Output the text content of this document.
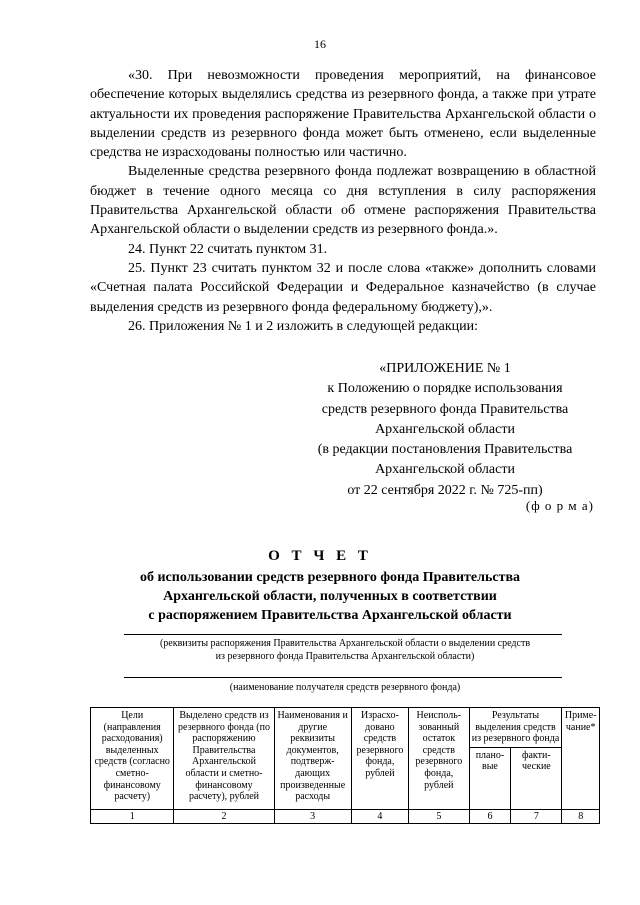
16

«30. При невозможности проведения мероприятий, на финансовое обеспечение которых выделялись средства из резервного фонда, а также при утрате актуальности их проведения распоряжение Правительства Архангельской области о выделении средств из резервного фонда может быть отменено, если выделенные средства не израсходованы полностью или частично.

Выделенные средства резервного фонда подлежат возвращению в областной бюджет в течение одного месяца со дня вступления в силу распоряжения Правительства Архангельской области об отмене распоряжения Правительства Архангельской области о выделении средств из резервного фонда.».

24. Пункт 22 считать пунктом 31.

25. Пункт 23 считать пунктом 32 и после слова «также» дополнить словами «Счетная палата Российской Федерации и Федеральное казначейство (в случае выделения средств из резервного фонда федеральному бюджету),».

26. Приложения № 1 и 2 изложить в следующей редакции:

«ПРИЛОЖЕНИЕ № 1
к Положению о порядке использования
средств резервного фонда Правительства
Архангельской области
(в редакции постановления Правительства
Архангельской области
от 22 сентября 2022 г. № 725-пп)
(ф о р м а)
О Т Ч Е Т
об использовании средств резервного фонда Правительства
Архангельской области, полученных в соответствии
с распоряжением Правительства Архангельской области
(реквизиты распоряжения Правительства Архангельской области о выделении средств
из резервного фонда Правительства Архангельской области)
(наименование получателя средств резервного фонда)
Цели (направления расходования) выделенных средств (согласно сметно-финансовому расчету)	Выделено средств из резервного фонда (по распоряжению Правительства Архангельской области и сметно-финансовому расчету), рублей	Наименования и другие реквизиты документов, подтверж-дающих произведенные расходы	Израсхо-довано средств резервного фонда, рублей	Неисполь-зованный остаток средств резервного фонда, рублей	Результаты выделения средств из резервного фонда		Приме-чание*
					плано-вые	факти-ческие	
1	2	3	4	5	6	7	8
